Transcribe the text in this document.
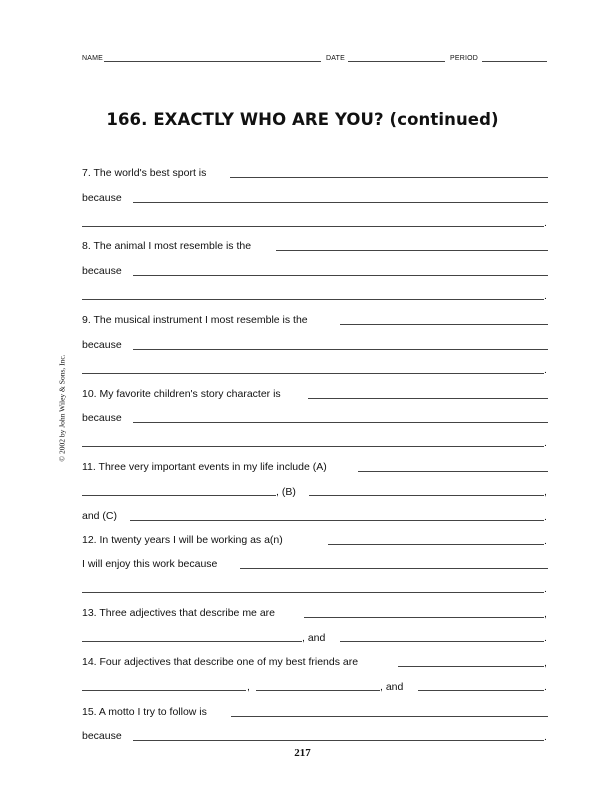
NAME	DATE	PERIOD
166. EXACTLY WHO ARE YOU? (continued)
© 2002 by John Wiley & Sons, Inc.
7. The world's best sport is
because
.
8. The animal I most resemble is the
because
.
9. The musical instrument I most resemble is the
because
.
10. My favorite children's story character is
because
.
11. Three very important events in my life include (A)
, (B)	,
and (C)	.
12. In twenty years I will be working as a(n)	.
I will enjoy this work because
.
13. Three adjectives that describe me are	,
, and	.
14. Four adjectives that describe one of my best friends are	,
,	, and	.
15. A motto I try to follow is
because	.
217
